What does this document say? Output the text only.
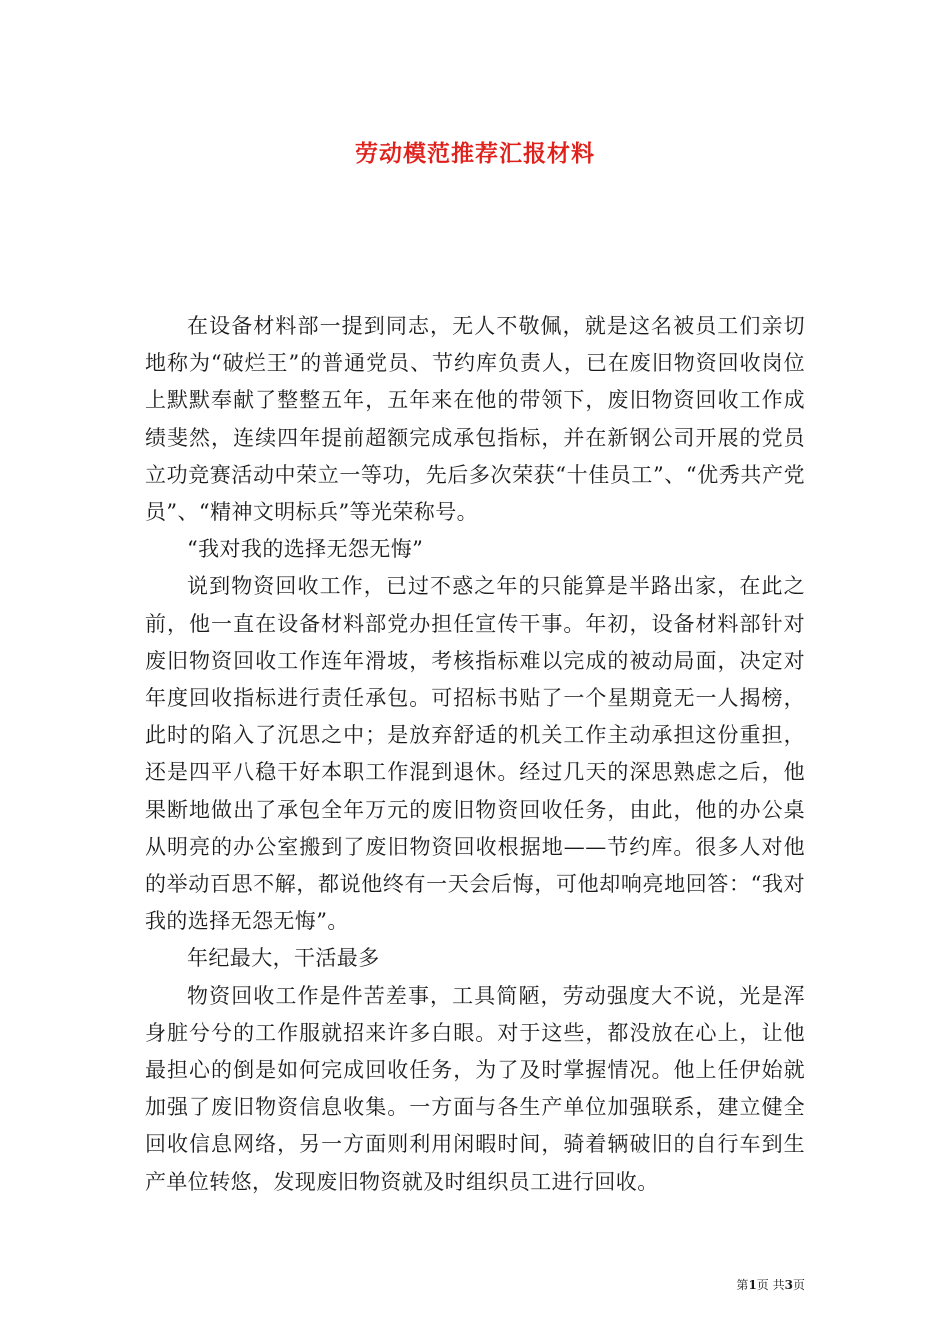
劳动模范推荐汇报材料

在设备材料部一提到同志，无人不敬佩，就是这名被员工们亲切地称为“破烂王”的普通党员、节约库负责人，已在废旧物资回收岗位上默默奉献了整整五年，五年来在他的带领下，废旧物资回收工作成绩斐然，连续四年提前超额完成承包指标，并在新钢公司开展的党员立功竞赛活动中荣立一等功，先后多次荣获“十佳员工”、“优秀共产党员”、“精神文明标兵”等光荣称号。

“我对我的选择无怨无悔”

说到物资回收工作，已过不惑之年的只能算是半路出家，在此之前，他一直在设备材料部党办担任宣传干事。年初，设备材料部针对废旧物资回收工作连年滑坡，考核指标难以完成的被动局面，决定对年度回收指标进行责任承包。可招标书贴了一个星期竟无一人揭榜，此时的陷入了沉思之中；是放弃舒适的机关工作主动承担这份重担，还是四平八稳干好本职工作混到退休。经过几天的深思熟虑之后，他果断地做出了承包全年万元的废旧物资回收任务，由此，他的办公桌从明亮的办公室搬到了废旧物资回收根据地——节约库。很多人对他的举动百思不解，都说他终有一天会后悔，可他却响亮地回答：“我对我的选择无怨无悔”。

年纪最大，干活最多

物资回收工作是件苦差事，工具简陋，劳动强度大不说，光是浑身脏兮兮的工作服就招来许多白眼。对于这些，都没放在心上，让他最担心的倒是如何完成回收任务，为了及时掌握情况。他上任伊始就加强了废旧物资信息收集。一方面与各生产单位加强联系，建立健全回收信息网络，另一方面则利用闲暇时间，骑着辆破旧的自行车到生产单位转悠，发现废旧物资就及时组织员工进行回收。

第1页 共3页
